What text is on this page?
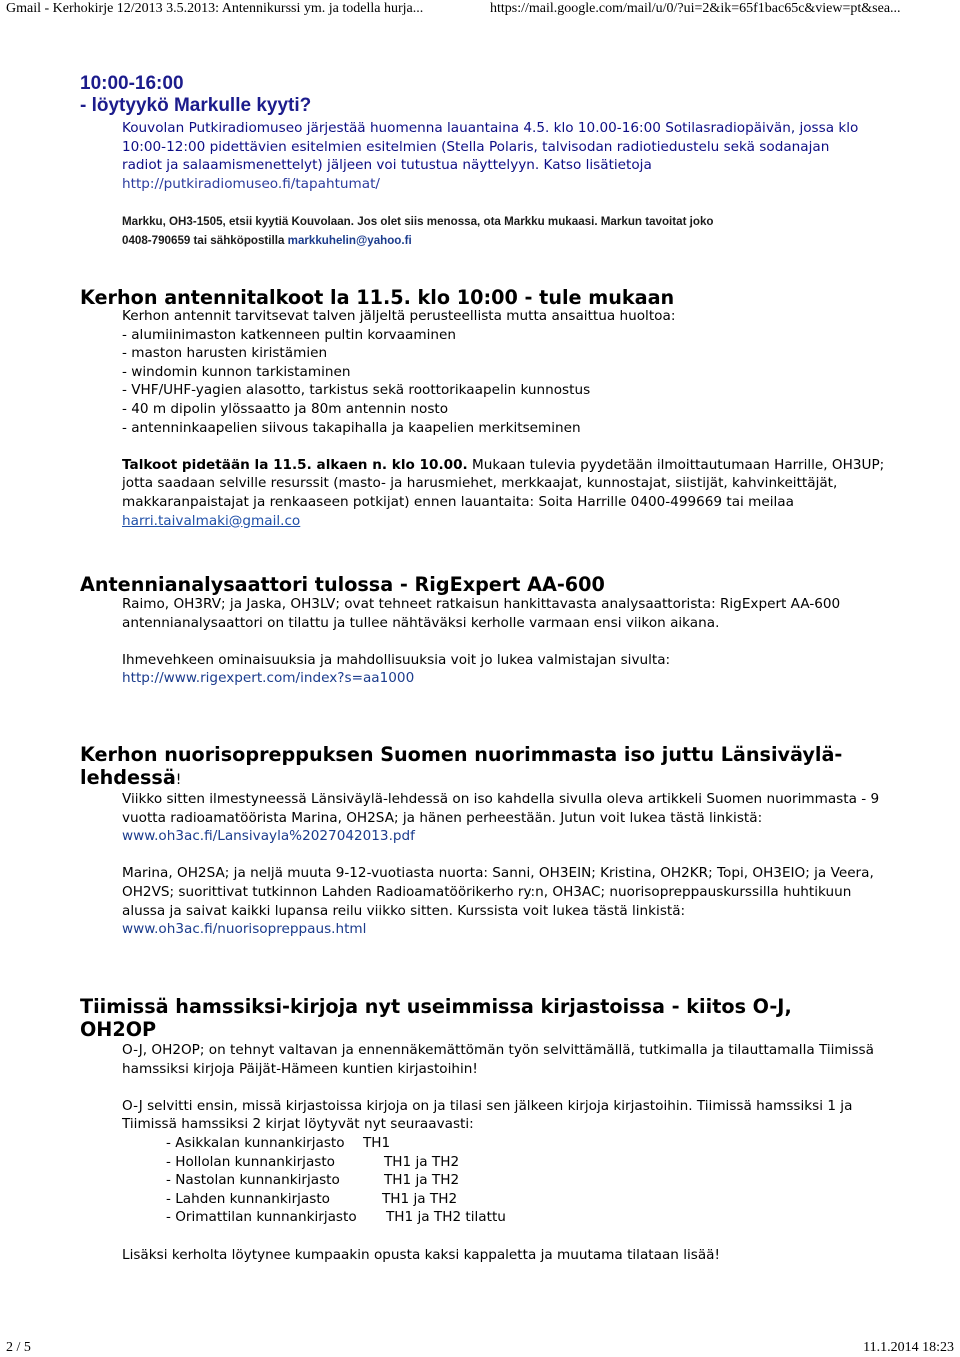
Gmail - Kerhokirje 12/2013 3.5.2013: Antennikurssi ym. ja todella hurja...	https://mail.google.com/mail/u/0/?ui=2&ik=65f1bac65c&view=pt&sea...
10:00-16:00
- löytyykö Markulle kyyti?
Kouvolan Putkiradiomuseo järjestää huomenna lauantaina 4.5. klo 10.00-16:00 Sotilasradiopäivän, jossa klo 10:00-12:00 pidettävien esitelmien esitelmien (Stella Polaris, talvisodan radiotiedustelu sekä sodanajan radiot ja salaamismenettelyt) jäljeen voi tutustua näyttelyyn. Katso lisätietoja http://putkiradiomuseo.fi/tapahtumat/
Markku, OH3-1505, etsii kyytiä Kouvolaan. Jos olet siis menossa, ota Markku mukaasi. Markun tavoitat joko
0408-790659 tai sähköpostilla markkuhelin@yahoo.fi
Kerhon antennitalkoot la 11.5. klo 10:00 - tule mukaan

Kerhon antennit tarvitsevat talven jäljeltä perusteellista mutta ansaittua huoltoa:

- alumiinimaston katkenneen pultin korvaaminen

- maston harusten kiristämien

- windomin kunnon tarkistaminen

- VHF/UHF-yagien alasotto, tarkistus sekä roottorikaapelin kunnostus

- 40 m dipolin ylössaatto ja 80m antennin nosto

- antenninkaapelien siivous takapihalla ja kaapelien merkitseminen

Talkoot pidetään la 11.5. alkaen n. klo 10.00. Mukaan tulevia pyydetään ilmoittautumaan Harrille, OH3UP; jotta saadaan selville resurssit (masto- ja harusmiehet, merkkaajat, kunnostajat, siistijät, kahvinkeittäjät, makkaranpaistajat ja renkaaseen potkijat) ennen lauantaita: Soita Harrille 0400-499669 tai meilaa harri.taivalmaki@gmail.co

Antennianalysaattori tulossa - RigExpert AA-600

Raimo, OH3RV; ja Jaska, OH3LV; ovat tehneet ratkaisun hankittavasta analysaattorista: RigExpert AA-600 antennianalysaattori on tilattu ja tullee nähtäväksi kerholle varmaan ensi viikon aikana.

Ihmevehkeen ominaisuuksia ja mahdollisuuksia voit jo lukea valmistajan sivulta:

http://www.rigexpert.com/index?s=aa1000

Kerhon nuorisopreppuksen Suomen nuorimmasta iso juttu Länsiväylä-lehdessä!

Viikko sitten ilmestyneessä Länsiväylä-lehdessä on iso kahdella sivulla oleva artikkeli Suomen nuorimmasta - 9 vuotta radioamatöörista Marina, OH2SA; ja hänen perheestään. Jutun voit lukea tästä linkistä:

www.oh3ac.fi/Lansivayla%2027042013.pdf

Marina, OH2SA; ja neljä muuta 9-12-vuotiasta nuorta: Sanni, OH3EIN; Kristina, OH2KR; Topi, OH3EIO; ja Veera, OH2VS; suorittivat tutkinnon Lahden Radioamatöörikerho ry:n, OH3AC; nuorisopreppauskurssilla huhtikuun alussa ja saivat kaikki lupansa reilu viikko sitten. Kurssista voit lukea tästä linkistä: www.oh3ac.fi/nuorisopreppaus.html

Tiimissä hamssiksi-kirjoja nyt useimmissa kirjastoissa - kiitos O-J, OH2OP

O-J, OH2OP; on tehnyt valtavan ja ennennäkemättömän työn selvittämällä, tutkimalla ja tilauttamalla Tiimissä hamssiksi kirjoja Päijät-Hämeen kuntien kirjastoihin!

O-J selvitti ensin, missä kirjastoissa kirjoja on ja tilasi sen jälkeen kirjoja kirjastoihin. Tiimissä hamssiksi 1 ja Tiimissä hamssiksi 2 kirjat löytyvät nyt seuraavasti:

- Asikkalan kunnankirjasto	TH1
- Hollolan kunnankirjasto	TH1 ja TH2
- Nastolan kunnankirjasto	TH1 ja TH2
- Lahden kunnankirjasto	TH1 ja TH2
- Orimattilan kunnankirjasto	TH1 ja TH2 tilattu

Lisäksi kerholta löytynee kumpaakin opusta kaksi kappaletta ja muutama tilataan lisää!

2 / 5	11.1.2014 18:23
